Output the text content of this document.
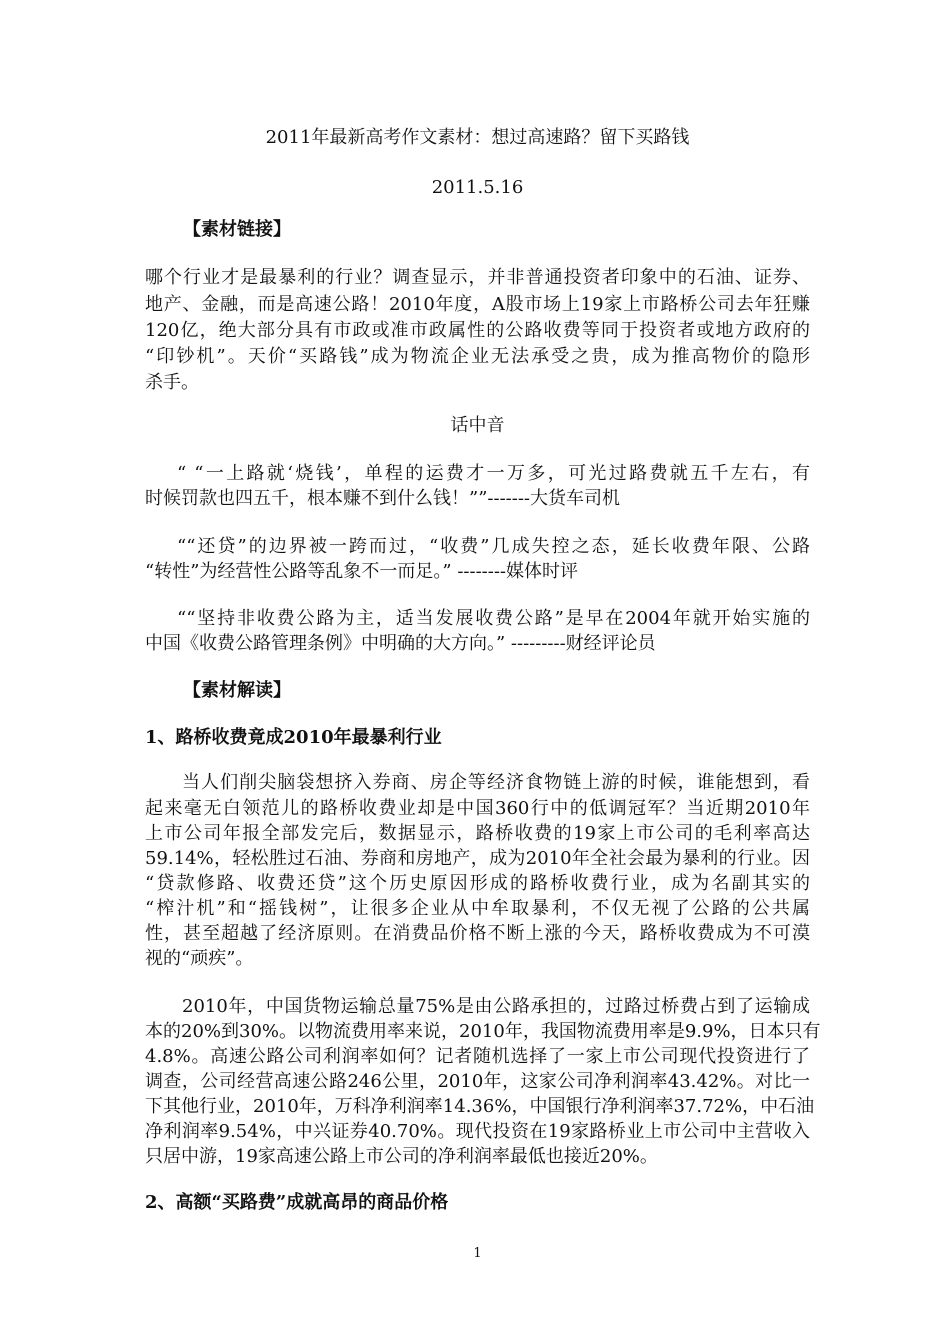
2011年最新高考作文素材：想过高速路？留下买路钱
2011.5.16
【素材链接】
哪个行业才是最暴利的行业？调查显示，并非普通投资者印象中的石油、证券、
地产、金融，而是高速公路！2010年度，A股市场上19家上市路桥公司去年狂赚
120亿，绝大部分具有市政或准市政属性的公路收费等同于投资者或地方政府的
“印钞机”。天价“买路钱”成为物流企业无法承受之贵，成为推高物价的隐形
杀手。
话中音
“ “一上路就‘烧钱’，单程的运费才一万多，可光过路费就五千左右，有
时候罚款也四五千，根本赚不到什么钱！””-------大货车司机
““还贷”的边界被一跨而过，“收费”几成失控之态，延长收费年限、公路
“转性”为经营性公路等乱象不一而足。” --------媒体时评
““坚持非收费公路为主，适当发展收费公路”是早在2004年就开始实施的
中国《收费公路管理条例》中明确的大方向。” ---------财经评论员
【素材解读】
1、路桥收费竟成2010年最暴利行业
当人们削尖脑袋想挤入券商、房企等经济食物链上游的时候，谁能想到，看
起来毫无白领范儿的路桥收费业却是中国360行中的低调冠军？当近期2010年
上市公司年报全部发完后，数据显示，路桥收费的19家上市公司的毛利率高达
59.14%，轻松胜过石油、券商和房地产，成为2010年全社会最为暴利的行业。因
“贷款修路、收费还贷”这个历史原因形成的路桥收费行业，成为名副其实的
“榨汁机”和“摇钱树”，让很多企业从中牟取暴利，不仅无视了公路的公共属
性，甚至超越了经济原则。在消费品价格不断上涨的今天，路桥收费成为不可漠
视的“顽疾”。
2010年，中国货物运输总量75%是由公路承担的，过路过桥费占到了运输成
本的20%到30%。以物流费用率来说，2010年，我国物流费用率是9.9%，日本只有
4.8%。高速公路公司利润率如何？记者随机选择了一家上市公司现代投资进行了
调查，公司经营高速公路246公里，2010年，这家公司净利润率43.42%。对比一
下其他行业，2010年，万科净利润率14.36%，中国银行净利润率37.72%，中石油
净利润率9.54%，中兴证券40.70%。现代投资在19家路桥业上市公司中主营收入
只居中游，19家高速公路上市公司的净利润率最低也接近20%。
2、高额“买路费”成就高昂的商品价格
1
